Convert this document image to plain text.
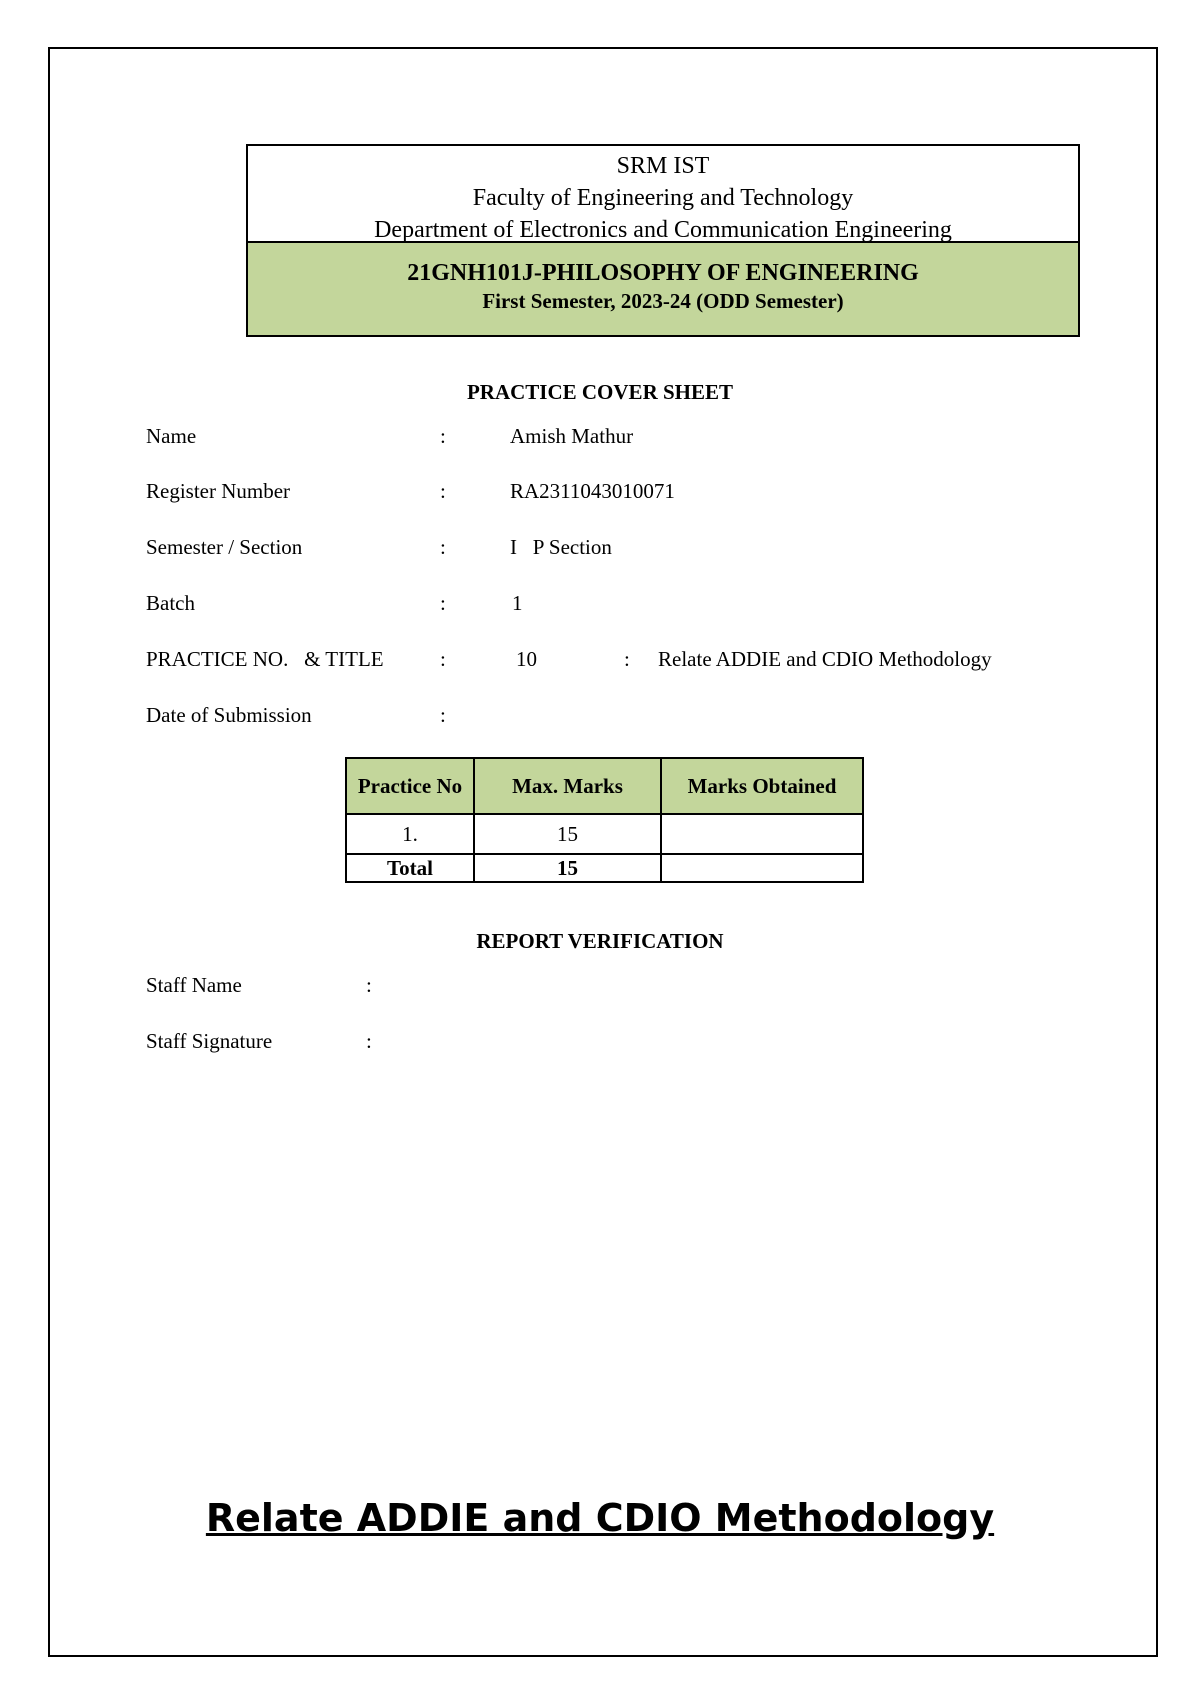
SRM IST
Faculty of Engineering and Technology
Department of Electronics and Communication Engineering
21GNH101J-PHILOSOPHY OF ENGINEERING
First Semester, 2023-24 (ODD Semester)
PRACTICE COVER SHEET
Name	:	Amish Mathur
Register Number	:	RA2311043010071
Semester / Section	:	I   P Section
Batch	:	1
PRACTICE NO.   & TITLE	:	10	: Relate ADDIE and CDIO Methodology
Date of Submission	:
Practice No	Max. Marks	Marks Obtained
1.	15	
Total	15	
REPORT VERIFICATION
Staff Name	:
Staff Signature	:
Relate ADDIE and CDIO Methodology
